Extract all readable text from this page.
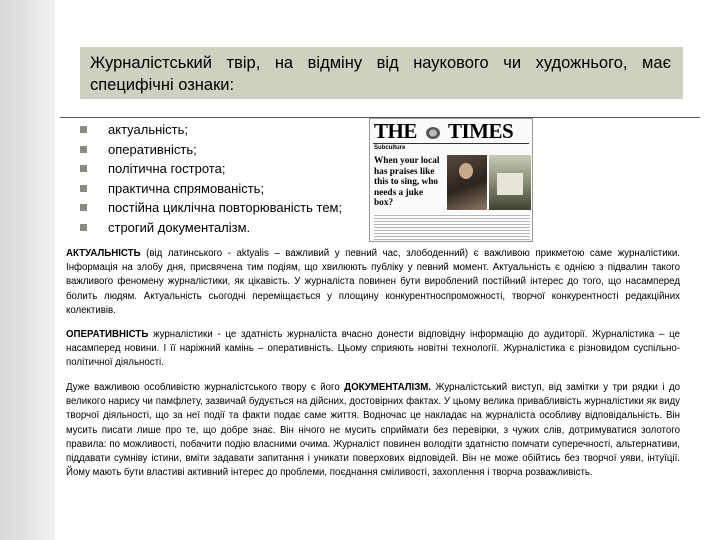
Журналістський твір, на відміну від наукового чи художнього, має
специфічні ознаки:
актуальність;
оперативність;
політична гострота;
практична спрямованість;
постійна циклічна повторюваність тем;
строгий документалізм.
THE TIMES
Subculture
When your local has praises like this to sing, who needs a juke box?

АКТУАЛЬНІСТЬ (від латинського - aktyalis – важливий у певний час, злободенний) є важливою прикметою саме журналістики. Інформація на злобу дня, присвячена тим подіям, що хвилюють публіку у певний момент. Актуальність є однією з підвалин такого важливого феномену журналістики, як цікавість. У журналіста повинен бути вироблений постійний інтерес до того, що насамперед болить людям. Актуальність сьогодні переміщається у площину конкурентноспроможності, творчої конкурентності редакційних колективів.

ОПЕРАТИВНІСТЬ журналістики - це здатність журналіста вчасно донести відповідну інформацію до аудиторії. Журналістика – це насамперед новини. І її наріжний камінь – оперативність. Цьому сприяють новітні технології. Журналістика є різновидом суспільно-політичної діяльності.

Дуже важливою особливістю журналістського твору є його ДОКУМЕНТАЛІЗМ. Журналістський виступ, від замітки у три рядки і до великого нарису чи памфлету, зазвичай будується на дійсних, достовірних фактах. У цьому велика привабливість журналістики як виду творчої діяльності, що за неї події та факти подає саме життя. Водночас це накладає на журналіста особливу відповідальність. Він мусить писати лише про те, що добре знає. Він нічого не мусить сприймати без перевірки, з чужих слів, дотримуватися золотого правила: по можливості, побачити подію власними очима. Журналіст повинен володіти здатністю помчати суперечності, альтернативи, піддавати сумніву істини, вміти задавати запитання і уникати поверхових відповідей. Він не може обійтись без творчої уяви, інтуїції. Йому мають бути властиві активний інтерес до проблеми, поєднання сміливості, захоплення і творча розважливість.
